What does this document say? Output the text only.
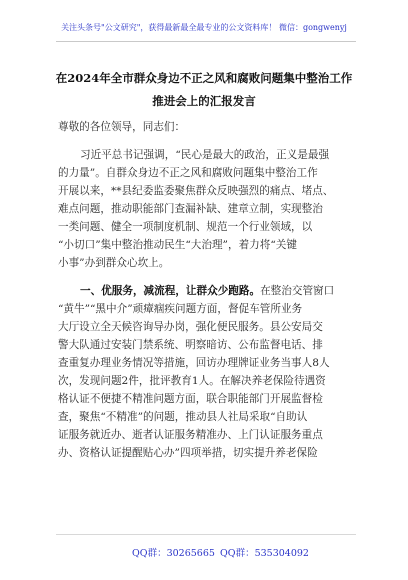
关注头条号"公文研究"，获得最新最全最专业的公文资料库！ 微信：gongwenyj
在2024年全市群众身边不正之风和腐败问题集中整治工作
推进会上的汇报发言
尊敬的各位领导，同志们：
习近平总书记强调，“民心是最大的政治，正义是最强
的力量”。自群众身边不正之风和腐败问题集中整治工作
开展以来，**县纪委监委聚焦群众反映强烈的痛点、堵点、
难点问题，推动职能部门查漏补缺、建章立制，实现整治
一类问题、健全一项制度机制、规范一个行业领域，以
“小切口”集中整治推动民生“大治理”，着力将“关键
小事”办到群众心坎上。
一、优服务，减流程，让群众少跑路。在整治交管窗口
“黄牛”“黑中介”顽瘴痼疾问题方面，督促车管所业务
大厅设立全天候咨询导办岗，强化便民服务。县公安局交
警大队通过安装门禁系统、明察暗访、公布监督电话、排
查重复办理业务情况等措施，回访办理牌证业务当事人8人
次，发现问题2件，批评教育1人。在解决养老保险待遇资
格认证不便捷不精准问题方面，联合职能部门开展监督检
查，聚焦“不精准”的问题，推动县人社局采取“自助认
证服务就近办、逝者认证服务精准办、上门认证服务重点
办、资格认证提醒贴心办”四项举措，切实提升养老保险
QQ群：30265665 QQ群：535304092
